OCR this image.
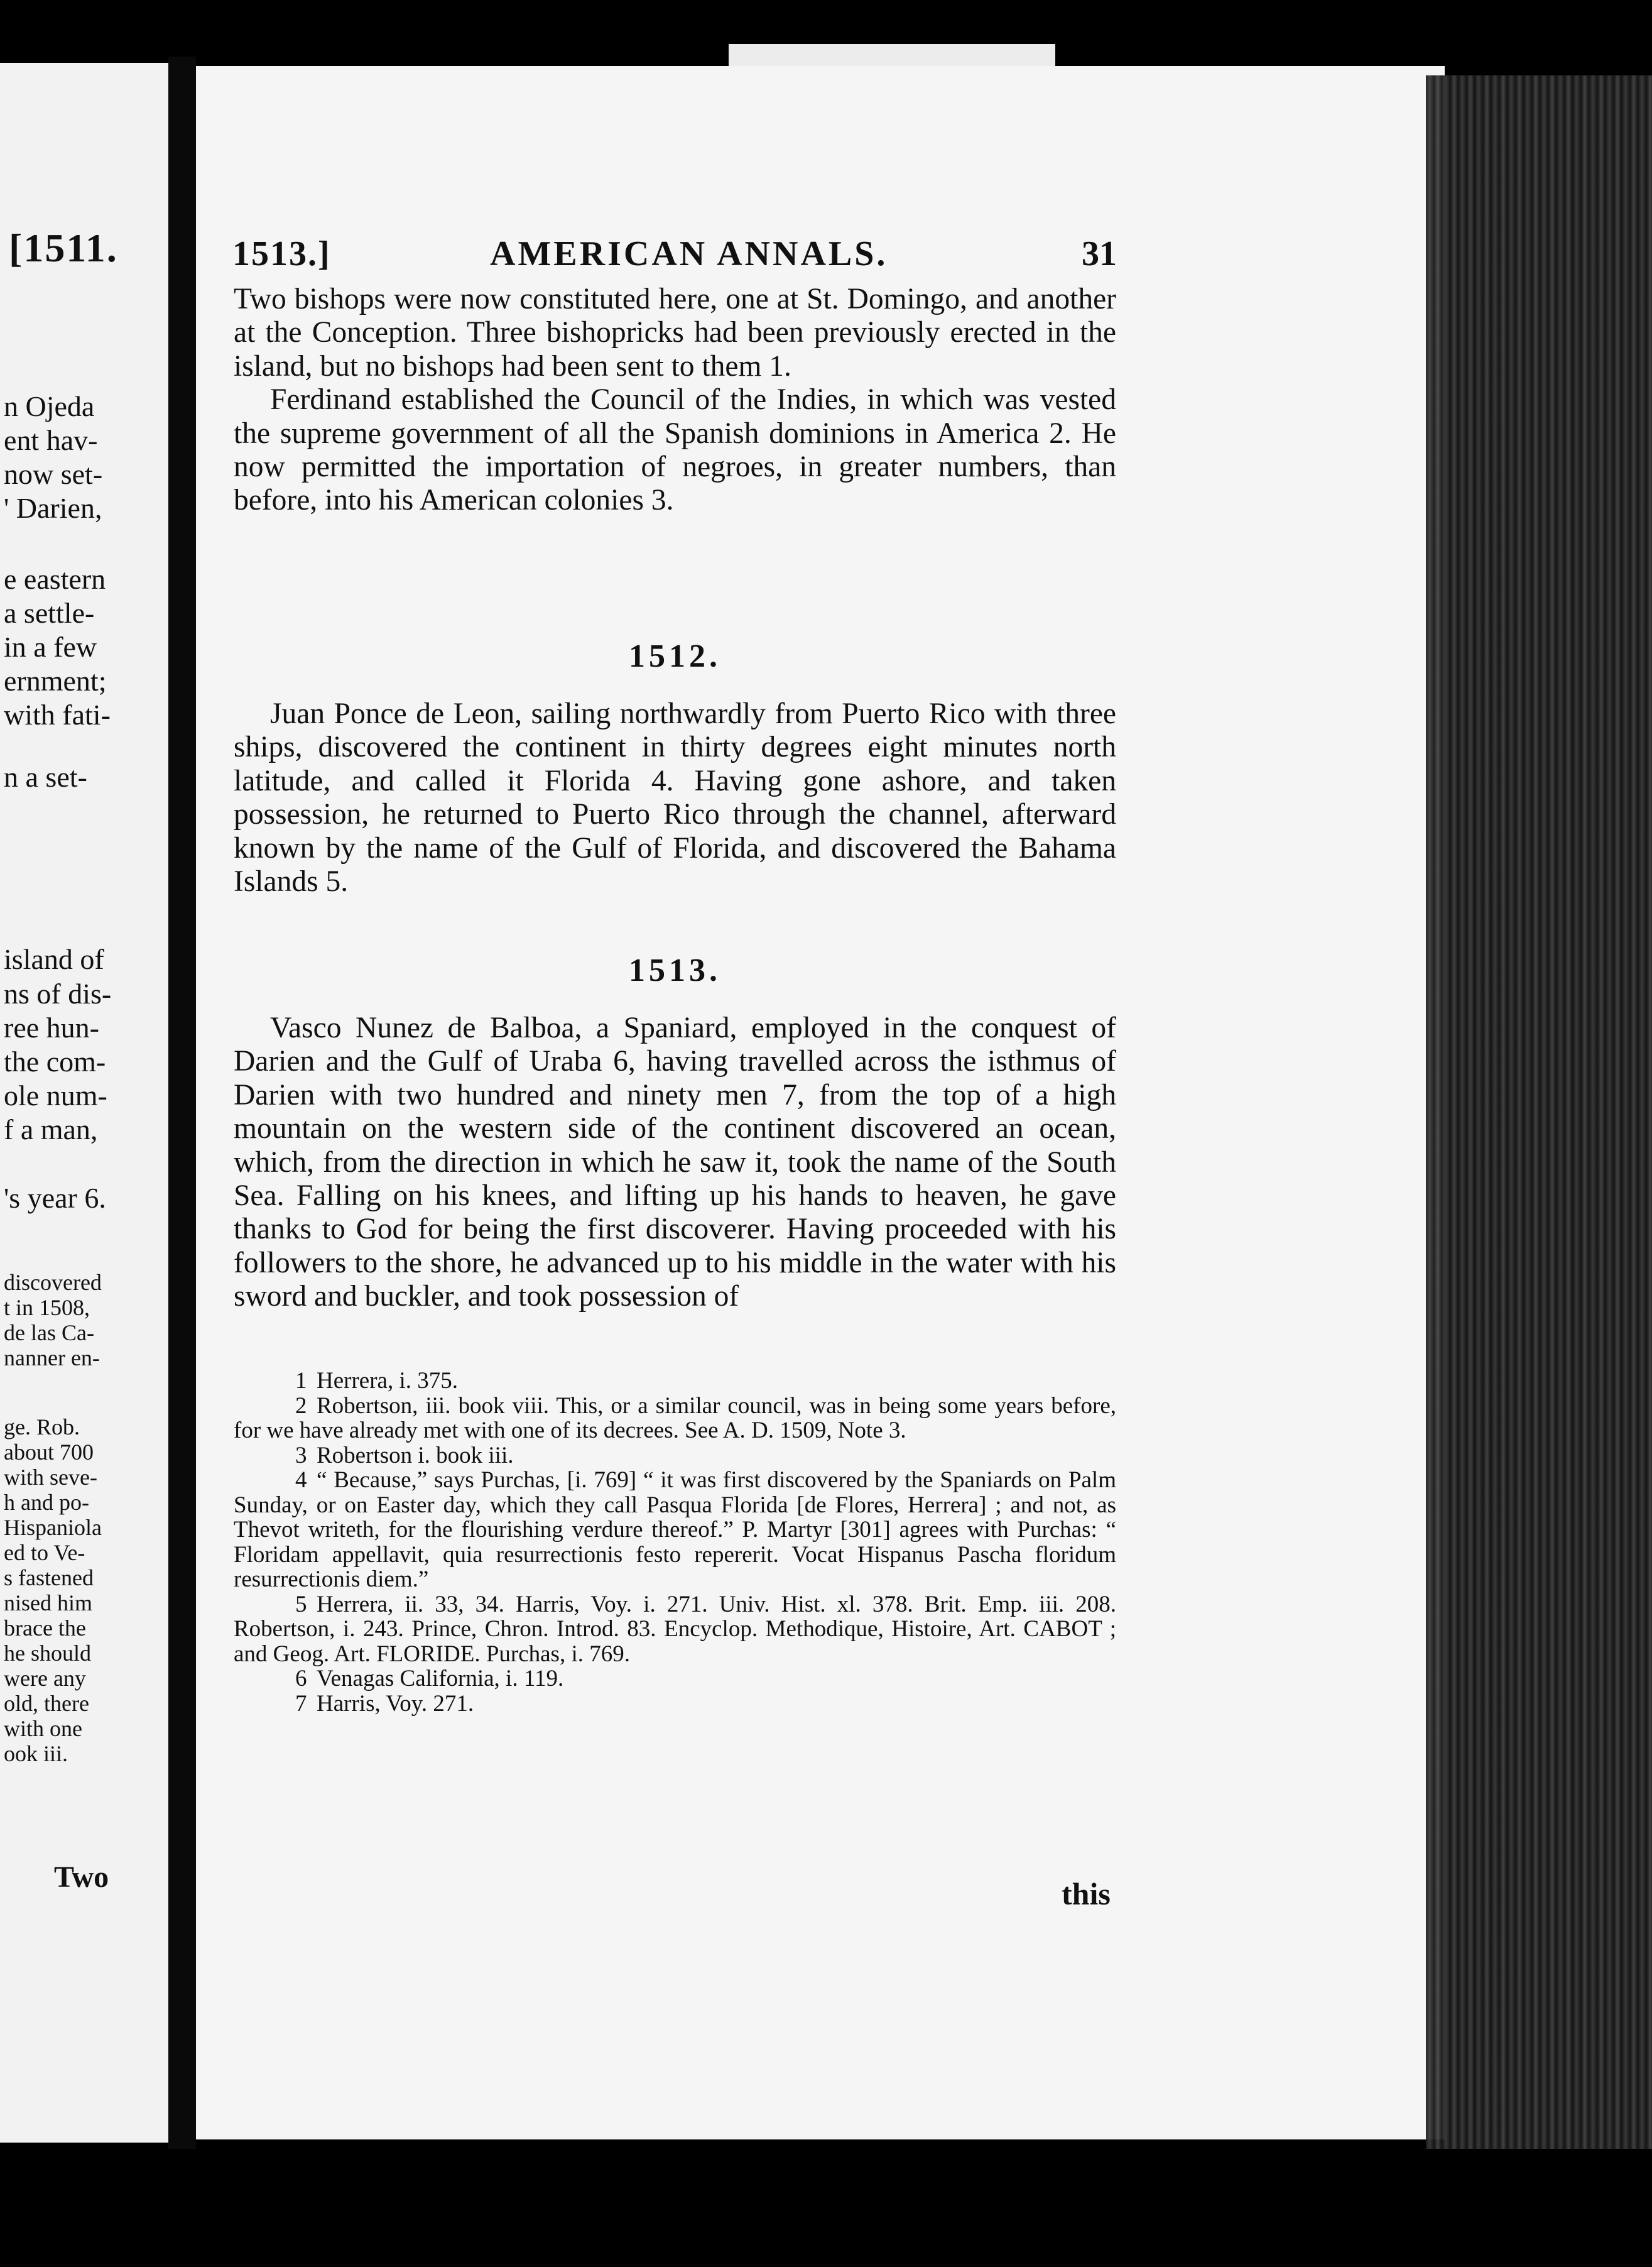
[1511.
n Ojeda
ent hav-
now set-
' Darien,
e eastern
a settle-
in a few
ernment;
with fati-
n a set-
island of
ns of dis-
ree hun-
the com-
ole num-
f a man,
's year 6.
discovered
t in 1508,
de las Ca-
nanner en-
ge. Rob.
about 700
with seve-
h and po-
Hispaniola
ed to Ve-
s fastened
nised him
brace the
he should
were any
old, there
with one
ook iii.
Two
1513.]	AMERICAN ANNALS.	31

Two bishops were now constituted here, one at St. Domingo, and another at the Conception. Three bishopricks had been previously erected in the island, but no bishops had been sent to them 1.

Ferdinand established the Council of the Indies, in which was vested the supreme government of all the Spanish dominions in America 2. He now permitted the importation of negroes, in greater numbers, than before, into his American colonies 3.

1512.

Juan Ponce de Leon, sailing northwardly from Puerto Rico with three ships, discovered the continent in thirty degrees eight minutes north latitude, and called it Florida 4. Having gone ashore, and taken possession, he returned to Puerto Rico through the channel, afterward known by the name of the Gulf of Florida, and discovered the Bahama Islands 5.

1513.

Vasco Nunez de Balboa, a Spaniard, employed in the conquest of Darien and the Gulf of Uraba 6, having travelled across the isthmus of Darien with two hundred and ninety men 7, from the top of a high mountain on the western side of the continent discovered an ocean, which, from the direction in which he saw it, took the name of the South Sea. Falling on his knees, and lifting up his hands to heaven, he gave thanks to God for being the first discoverer. Having proceeded with his followers to the shore, he advanced up to his middle in the water with his sword and buckler, and took possession of

1 Herrera, i. 375.

2 Robertson, iii. book viii. This, or a similar council, was in being some years before, for we have already met with one of its decrees. See A. D. 1509, Note 3.

3 Robertson i. book iii.

4 “ Because,” says Purchas, [i. 769] “ it was first discovered by the Spaniards on Palm Sunday, or on Easter day, which they call Pasqua Florida [de Flores, Herrera] ; and not, as Thevot writeth, for the flourishing verdure thereof.” P. Martyr [301] agrees with Purchas: “ Floridam appellavit, quia resurrectionis festo repererit. Vocat Hispanus Pascha floridum resurrectionis diem.”

5 Herrera, ii. 33, 34. Harris, Voy. i. 271. Univ. Hist. xl. 378. Brit. Emp. iii. 208. Robertson, i. 243. Prince, Chron. Introd. 83. Encyclop. Methodique, Histoire, Art. CABOT ; and Geog. Art. FLORIDE. Purchas, i. 769.

6 Venagas California, i. 119.

7 Harris, Voy. 271.

this
